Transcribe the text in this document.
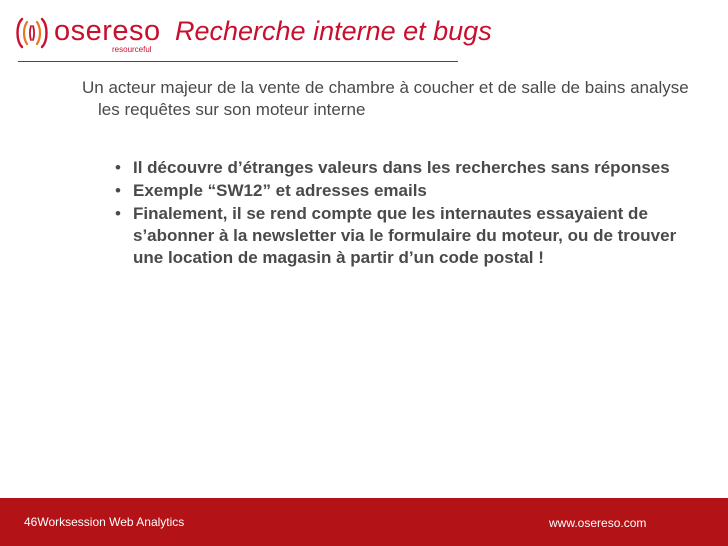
osereso
resourceful
Recherche interne et bugs
Un acteur majeur de la vente de chambre à coucher et de salle de bains analyse les requêtes sur son moteur interne
• Il découvre d’étranges valeurs dans les recherches sans réponses
• Exemple “SW12” et adresses emails
• Finalement, il se rend compte que les internautes essayaient de s’abonner à la newsletter via le formulaire du moteur, ou de trouver une location de magasin à partir d’un code postal !
46Worksession Web Analytics	www.osereso.com
